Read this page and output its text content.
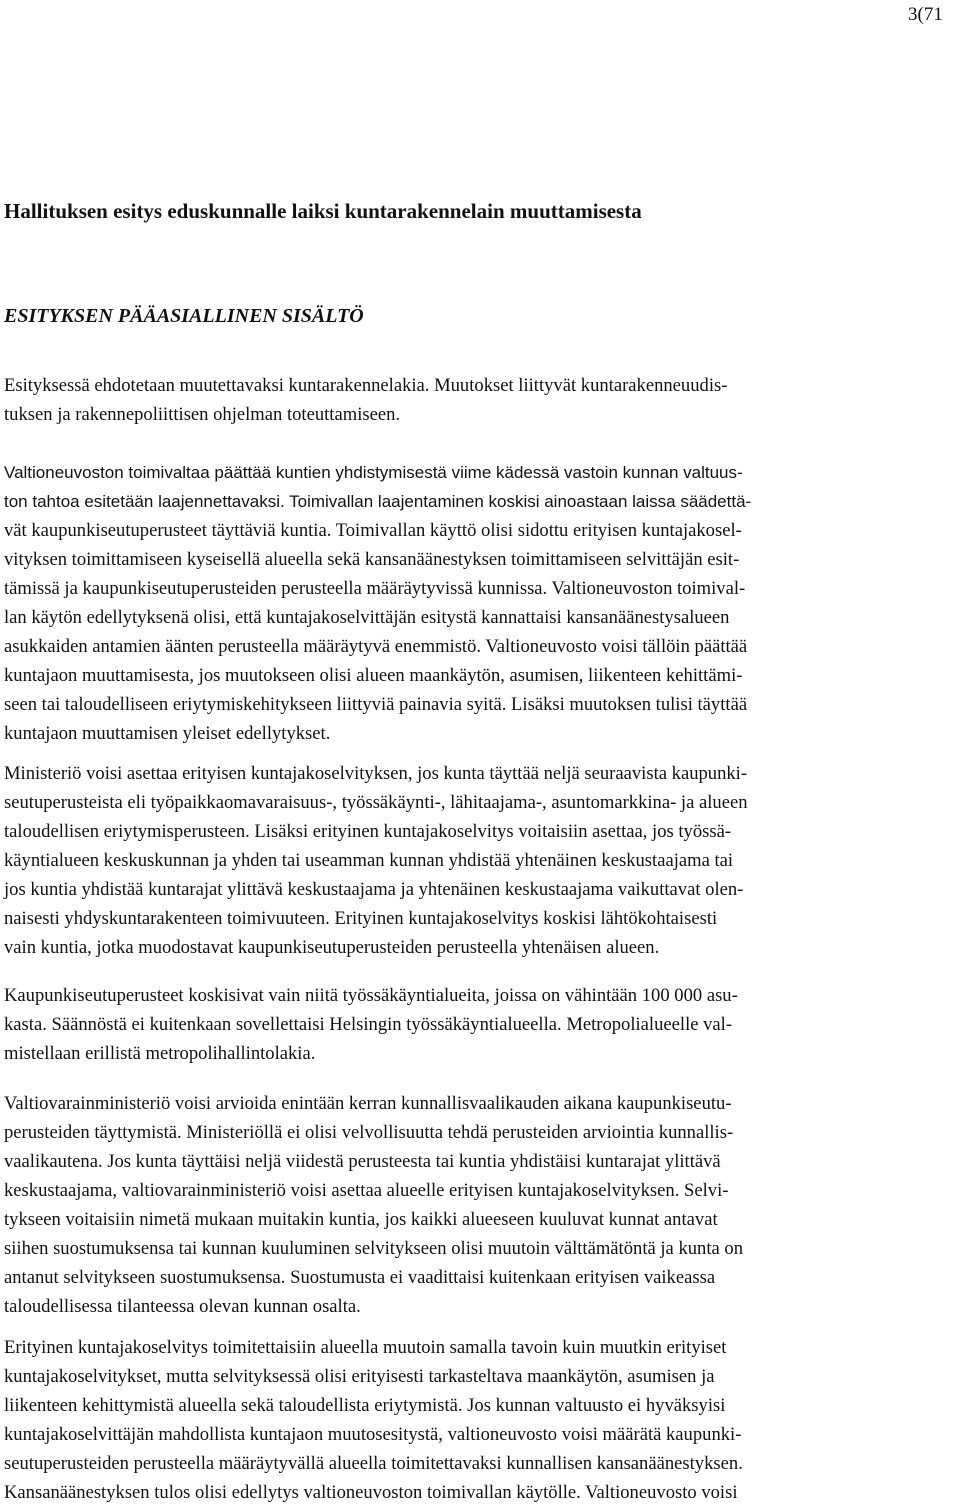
3(71
Hallituksen esitys eduskunnalle laiksi kuntarakennelain muuttamisesta
ESITYKSEN PÄÄASIALLINEN SISÄLTÖ
Esityksessä ehdotetaan muutettavaksi kuntarakennelakia. Muutokset liittyvät kuntarakenneuudis-
tuksen ja rakennepoliittisen ohjelman toteuttamiseen.
Valtioneuvoston toimivaltaa päättää kuntien yhdistymisestä viime kädessä vastoin kunnan valtuus-
ton tahtoa esitetään laajennettavaksi. Toimivallan laajentaminen koskisi ainoastaan laissa säädettä-
vät kaupunkiseutuperusteet täyttäviä kuntia. Toimivallan käyttö olisi sidottu erityisen kuntajakosel-
vityksen toimittamiseen kyseisellä alueella sekä kansanäänestyksen toimittamiseen selvittäjän esit-
tämissä ja kaupunkiseutuperusteiden perusteella määräytyvissä kunnissa. Valtioneuvoston toimival-
lan käytön edellytyksenä olisi, että kuntajakoselvittäjän esitystä kannattaisi kansanäänestysalueen
asukkaiden antamien äänten perusteella määräytyvä enemmistö. Valtioneuvosto voisi tällöin päättää
kuntajaon muuttamisesta, jos muutokseen olisi alueen maankäytön, asumisen, liikenteen kehittämi-
seen tai taloudelliseen eriytymiskehitykseen liittyviä painavia syitä. Lisäksi muutoksen tulisi täyttää
kuntajaon muuttamisen yleiset edellytykset.
Ministeriö voisi asettaa erityisen kuntajakoselvityksen, jos kunta täyttää neljä seuraavista kaupunki-
seutuperusteista eli työpaikkaomavaraisuus-, työssäkäynti-, lähitaajama-, asuntomarkkina- ja alueen
taloudellisen eriytymisperusteen. Lisäksi erityinen kuntajakoselvitys voitaisiin asettaa, jos työssä-
käyntialueen keskuskunnan ja yhden tai useamman kunnan yhdistää yhtenäinen keskustaajama tai
jos kuntia yhdistää kuntarajat ylittävä keskustaajama ja yhtenäinen keskustaajama vaikuttavat olen-
naisesti yhdyskuntarakenteen toimivuuteen. Erityinen kuntajakoselvitys koskisi lähtökohtaisesti
vain kuntia, jotka muodostavat kaupunkiseutuperusteiden perusteella yhtenäisen alueen.
Kaupunkiseutuperusteet koskisivat vain niitä työssäkäyntialueita, joissa on vähintään 100 000 asu-
kasta. Säännöstä ei kuitenkaan sovellettaisi Helsingin työssäkäyntialueella. Metropolialueelle val-
mistellaan erillistä metropolihallintolakia.
Valtiovarainministeriö voisi arvioida enintään kerran kunnallisvaalikauden aikana kaupunkiseutu-
perusteiden täyttymistä. Ministeriöllä ei olisi velvollisuutta tehdä perusteiden arviointia kunnallis-
vaalikautena. Jos kunta täyttäisi neljä viidestä perusteesta tai kuntia yhdistäisi kuntarajat ylittävä
keskustaajama, valtiovarainministeriö voisi asettaa alueelle erityisen kuntajakoselvityksen. Selvi-
tykseen voitaisiin nimetä mukaan muitakin kuntia, jos kaikki alueeseen kuuluvat kunnat antavat
siihen suostumuksensa tai kunnan kuuluminen selvitykseen olisi muutoin välttämätöntä ja kunta on
antanut selvitykseen suostumuksensa. Suostumusta ei vaadittaisi kuitenkaan erityisen vaikeassa
taloudellisessa tilanteessa olevan kunnan osalta.
Erityinen kuntajakoselvitys toimitettaisiin alueella muutoin samalla tavoin kuin muutkin erityiset
kuntajakoselvitykset, mutta selvityksessä olisi erityisesti tarkasteltava maankäytön, asumisen ja
liikenteen kehittymistä alueella sekä taloudellista eriytymistä. Jos kunnan valtuusto ei hyväksyisi
kuntajakoselvittäjän mahdollista kuntajaon muutosesitystä, valtioneuvosto voisi määrätä kaupunki-
seutuperusteiden perusteella määräytyvällä alueella toimitettavaksi kunnallisen kansanäänestyksen.
Kansanäänestyksen tulos olisi edellytys valtioneuvoston toimivallan käytölle. Valtioneuvosto voisi
